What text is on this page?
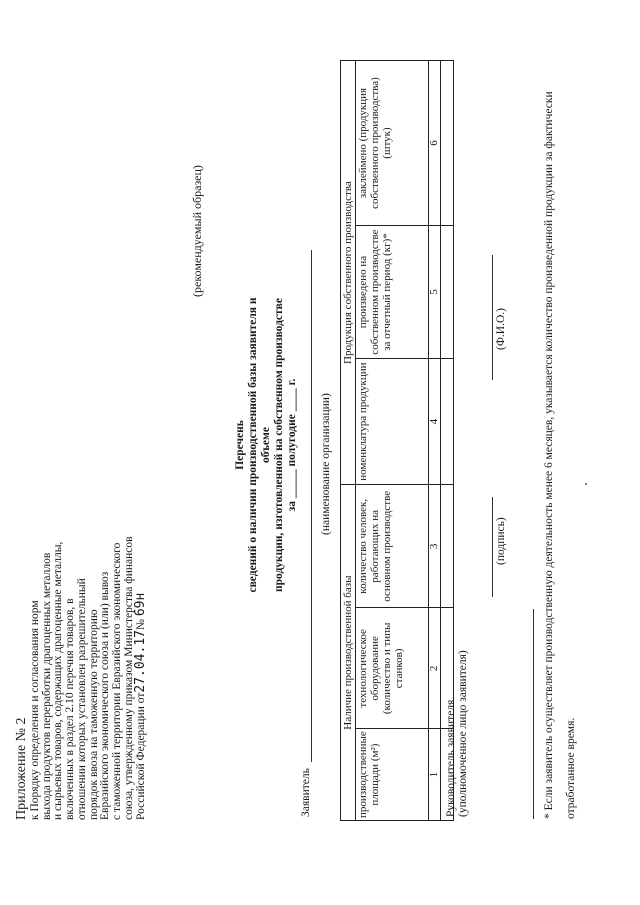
Приложение № 2 к Порядку определения и согласования норм выхода продуктов переработки драгоценных металлов и сырьевых товаров, содержащих драгоценные металлы, включенных в раздел 2.10 перечня товаров, в отношении которых установлен разрешительный порядок ввоза на таможенную территорию Евразийского экономического союза и (или) вывоз с таможенной территории Евразийского экономического союза, утвержденному приказом Министерства финансов Российской Федерации от27.04.17№ 69н
(рекомендуемый образец)
Перечень сведений о наличии производственной базы заявителя и объеме продукции, изготовленной на собственном производстве за _____ полугодие ____ г.
Заявитель
(наименование организации)
Наличие производственной базы			Продукция собственного производства		
производственные площади (м²)	технологическое оборудование (количество и типы станков)	количество человек, работающих на основном производстве	номенклатура продукции	произведено на собственном производстве за отчетный период (кг)*	заклеймено (продукция собственного производства) (штук)
1	2	3	4	5	6

Руководитель заявителя (уполномоченное лицо заявителя)
(подпись)
(Ф.И.О.)	* Если заявитель осуществляет производственную деятельность менее 6 месяцев, указывается количество произведенной продукции за фактически отработанное время.
